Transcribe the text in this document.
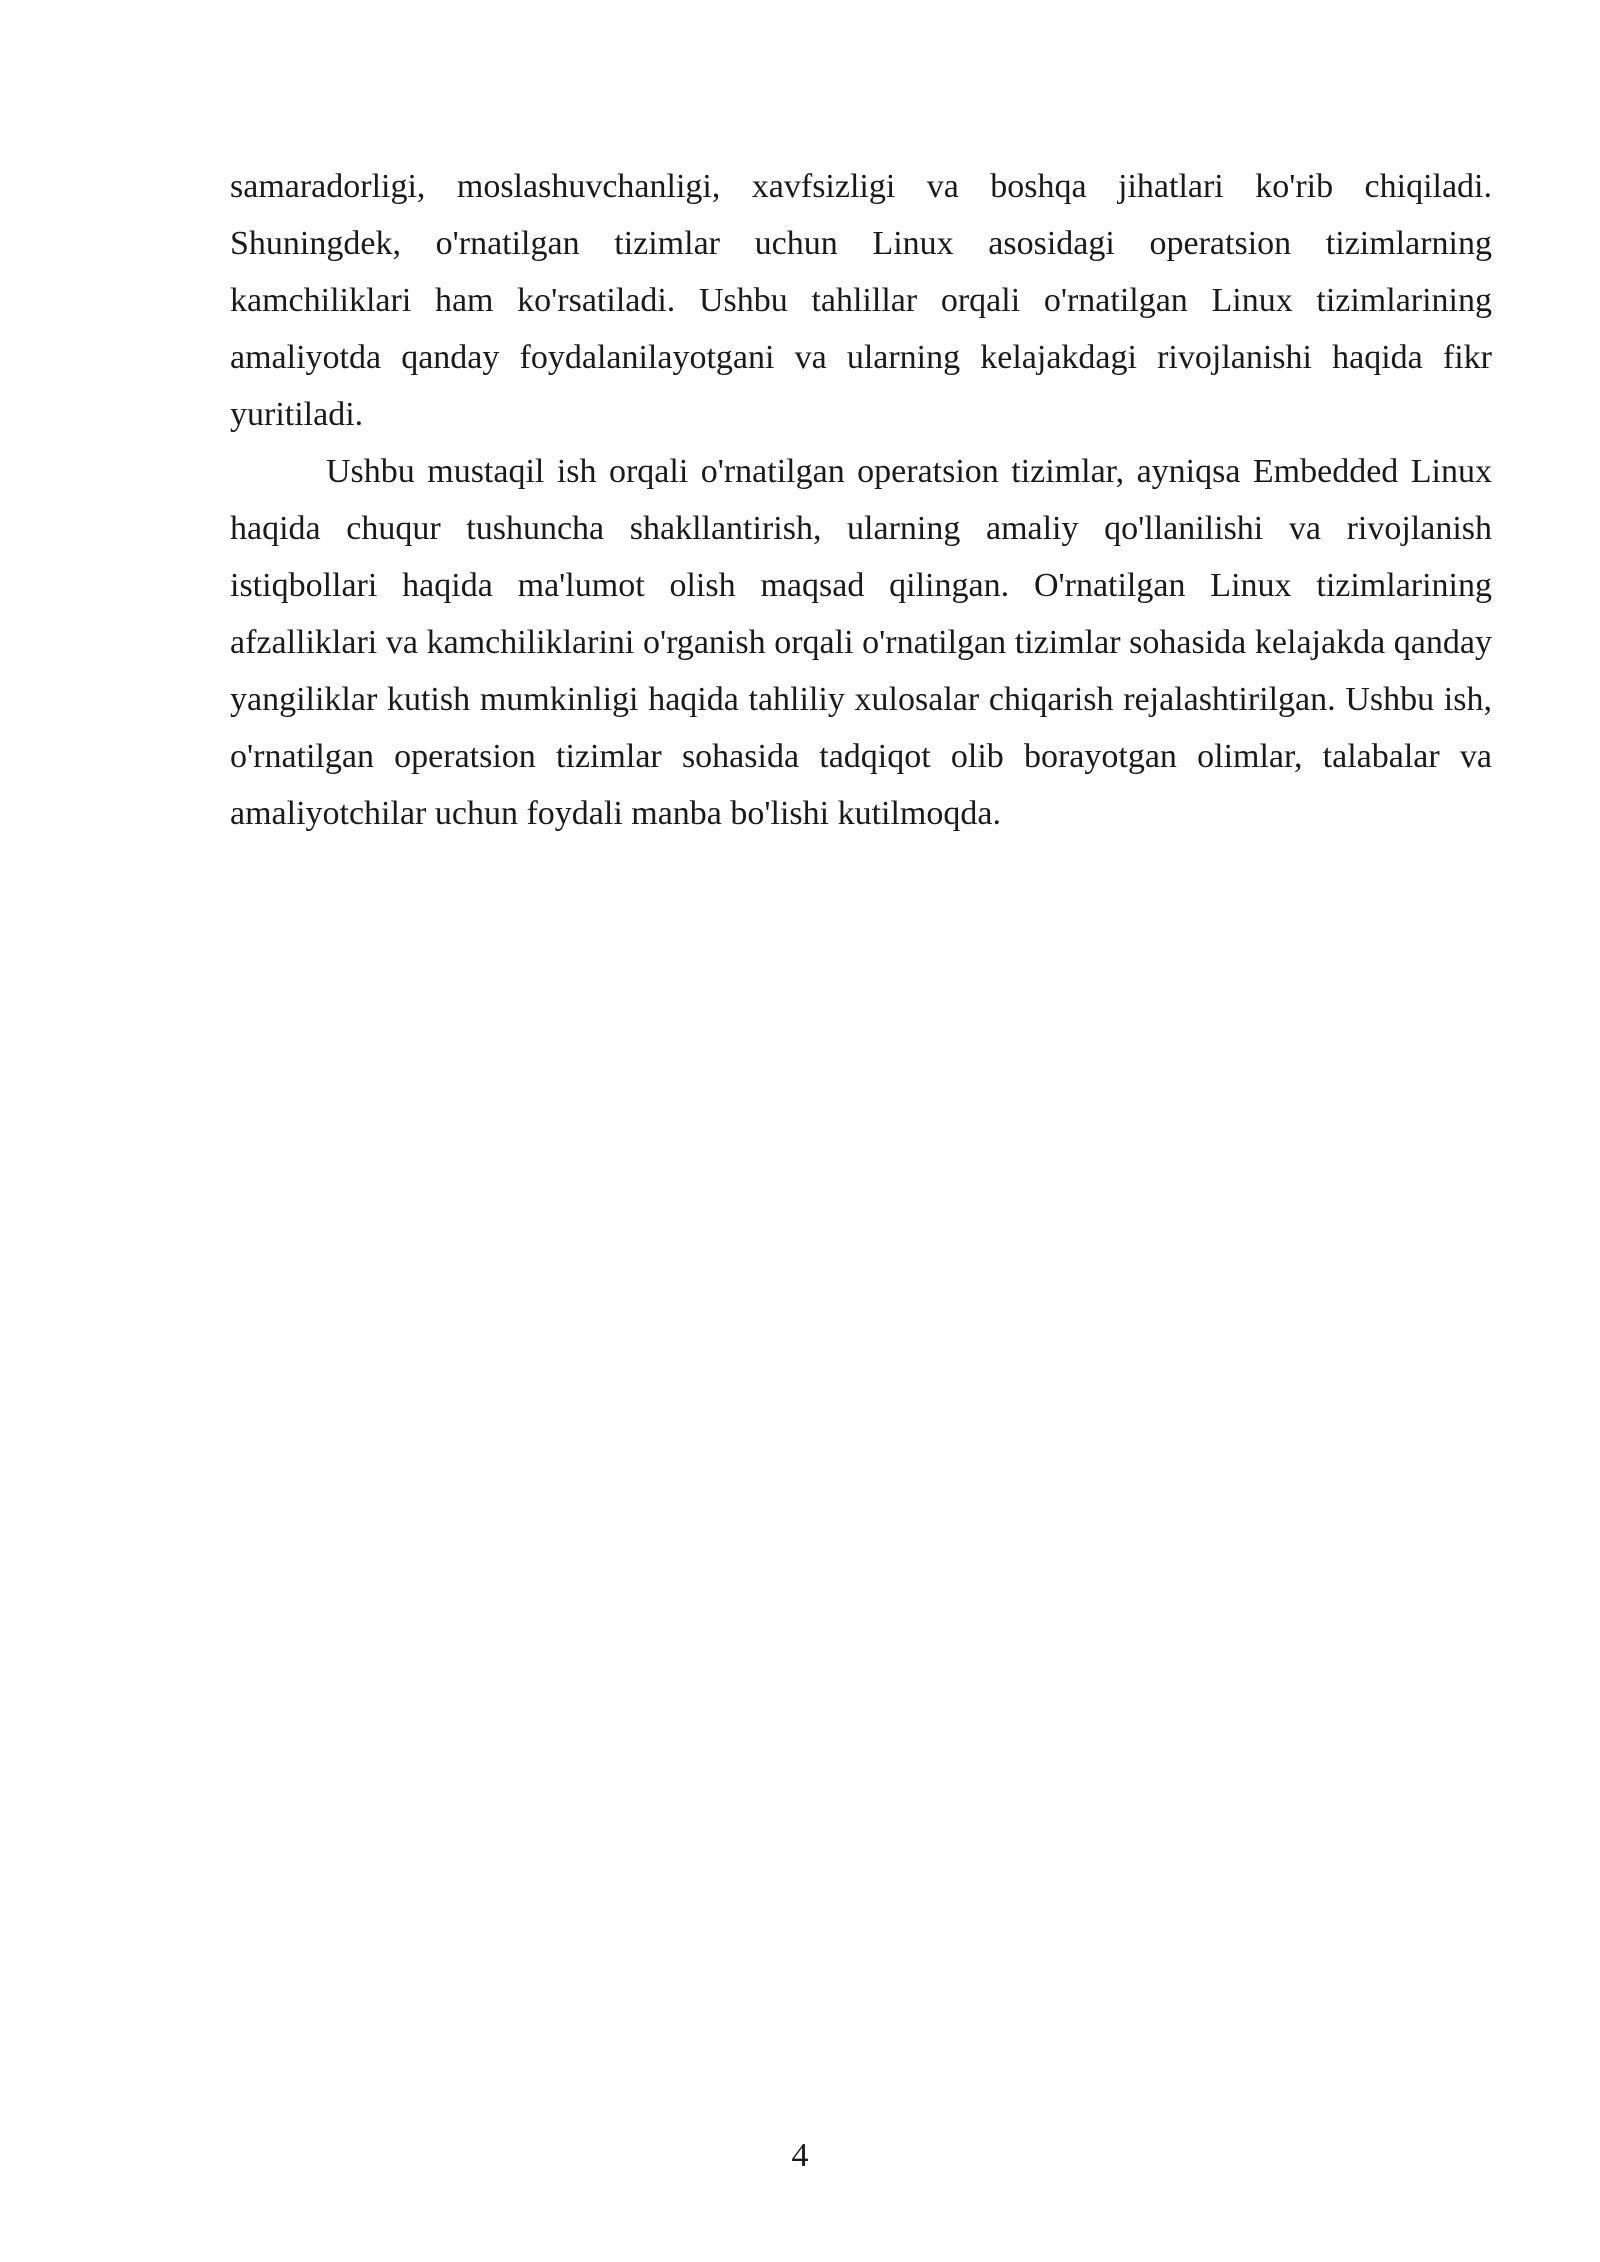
samaradorligi, moslashuvchanligi, xavfsizligi va boshqa jihatlari ko'rib chiqiladi. Shuningdek, o'rnatilgan tizimlar uchun Linux asosidagi operatsion tizimlarning kamchiliklari ham ko'rsatiladi. Ushbu tahlillar orqali o'rnatilgan Linux tizimlarining amaliyotda qanday foydalanilayotgani va ularning kelajakdagi rivojlanishi haqida fikr yuritiladi.

Ushbu mustaqil ish orqali o'rnatilgan operatsion tizimlar, ayniqsa Embedded Linux haqida chuqur tushuncha shakllantirish, ularning amaliy qo'llanilishi va rivojlanish istiqbollari haqida ma'lumot olish maqsad qilingan. O'rnatilgan Linux tizimlarining afzalliklari va kamchiliklarini o'rganish orqali o'rnatilgan tizimlar sohasida kelajakda qanday yangiliklar kutish mumkinligi haqida tahliliy xulosalar chiqarish rejalashtirilgan. Ushbu ish, o'rnatilgan operatsion tizimlar sohasida tadqiqot olib borayotgan olimlar, talabalar va amaliyotchilar uchun foydali manba bo'lishi kutilmoqda.

4
